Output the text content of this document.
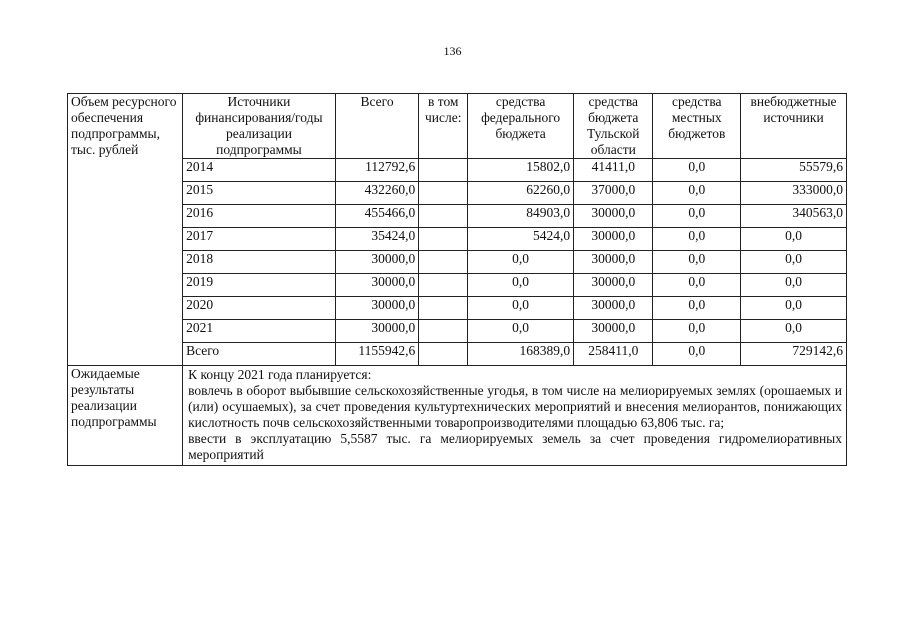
136
Объем ресурсного обеспечения подпрограммы, тыс. рублей	Источники финансирования/годы реализации подпрограммы	Всего	в том числе:	средства федерального бюджета	средства бюджета Тульской области	средства местных бюджетов	внебюджетные источники
	2014	112792,6		15802,0	41411,0	0,0	55579,6
	2015	432260,0		62260,0	37000,0	0,0	333000,0
	2016	455466,0		84903,0	30000,0	0,0	340563,0
	2017	35424,0		5424,0	30000,0	0,0	0,0
	2018	30000,0		0,0	30000,0	0,0	0,0
	2019	30000,0		0,0	30000,0	0,0	0,0
	2020	30000,0		0,0	30000,0	0,0	0,0
	2021	30000,0		0,0	30000,0	0,0	0,0
	Всего	1155942,6		168389,0	258411,0	0,0	729142,6
Ожидаемые результаты реализации подпрограммы	К концу 2021 года планируется:

вовлечь в оборот выбывшие сельскохозяйственные угодья, в том числе на мелиорируемых землях (орошаемых и (или) осушаемых), за счет проведения культуртехнических мероприятий и внесения мелиорантов, понижающих кислотность почв сельскохозяйственными товаропроизводителями площадью 63,806 тыс. га;

ввести в эксплуатацию 5,5587 тыс. га мелиорируемых земель за счет проведения гидромелиоративных мероприятий						
